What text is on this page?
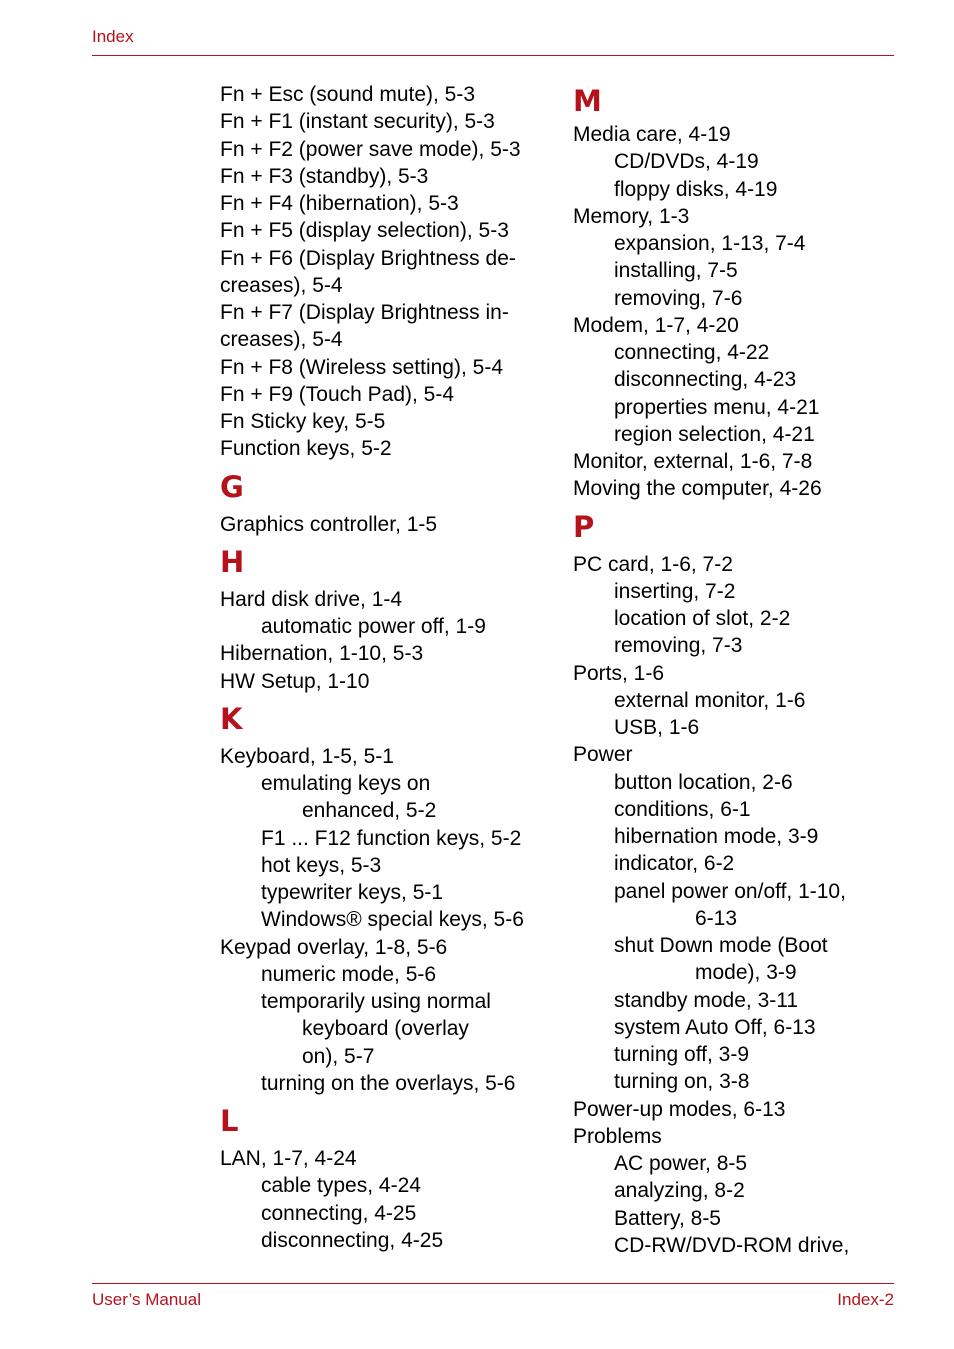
Index
Fn + Esc (sound mute), 5-3
Fn + F1 (instant security), 5-3
Fn + F2 (power save mode), 5-3
Fn + F3 (standby), 5-3
Fn + F4 (hibernation), 5-3
Fn + F5 (display selection), 5-3
Fn + F6 (Display Brightness de-
creases), 5-4
Fn + F7 (Display Brightness in-
creases), 5-4
Fn + F8 (Wireless setting), 5-4
Fn + F9 (Touch Pad), 5-4
Fn Sticky key, 5-5
Function keys, 5-2
G
Graphics controller, 1-5
H
Hard disk drive, 1-4
automatic power off, 1-9
Hibernation, 1-10, 5-3
HW Setup, 1-10
K
Keyboard, 1-5, 5-1
emulating keys on
enhanced, 5-2
F1 ... F12 function keys, 5-2
hot keys, 5-3
typewriter keys, 5-1
Windows® special keys, 5-6
Keypad overlay, 1-8, 5-6
numeric mode, 5-6
temporarily using normal
keyboard (overlay
on), 5-7
turning on the overlays, 5-6
L
LAN, 1-7, 4-24
cable types, 4-24
connecting, 4-25
disconnecting, 4-25
M
Media care, 4-19
CD/DVDs, 4-19
floppy disks, 4-19
Memory, 1-3
expansion, 1-13, 7-4
installing, 7-5
removing, 7-6
Modem, 1-7, 4-20
connecting, 4-22
disconnecting, 4-23
properties menu, 4-21
region selection, 4-21
Monitor, external, 1-6, 7-8
Moving the computer, 4-26
P
PC card, 1-6, 7-2
inserting, 7-2
location of slot, 2-2
removing, 7-3
Ports, 1-6
external monitor, 1-6
USB, 1-6
Power
button location, 2-6
conditions, 6-1
hibernation mode, 3-9
indicator, 6-2
panel power on/off, 1-10,
6-13
shut Down mode (Boot
mode), 3-9
standby mode, 3-11
system Auto Off, 6-13
turning off, 3-9
turning on, 3-8
Power-up modes, 6-13
Problems
AC power, 8-5
analyzing, 8-2
Battery, 8-5
CD-RW/DVD-ROM drive,
User’s Manual	Index-2
